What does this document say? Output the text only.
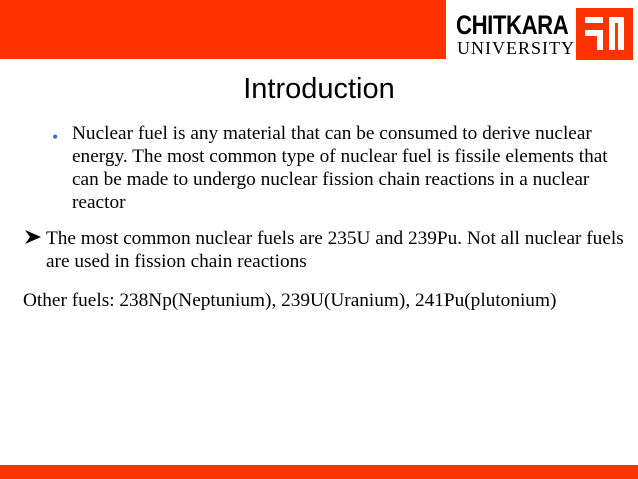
CHITKARA
UNIVERSITY
Introduction
• Nuclear fuel is any material that can be consumed to derive nuclear energy. The most common type of nuclear fuel is fissile elements that can be made to undergo nuclear fission chain reactions in a nuclear reactor

The most common nuclear fuels are 235U and 239Pu. Not all nuclear fuels are used in fission chain reactions

Other fuels: 238Np(Neptunium), 239U(Uranium), 241Pu(plutonium)
